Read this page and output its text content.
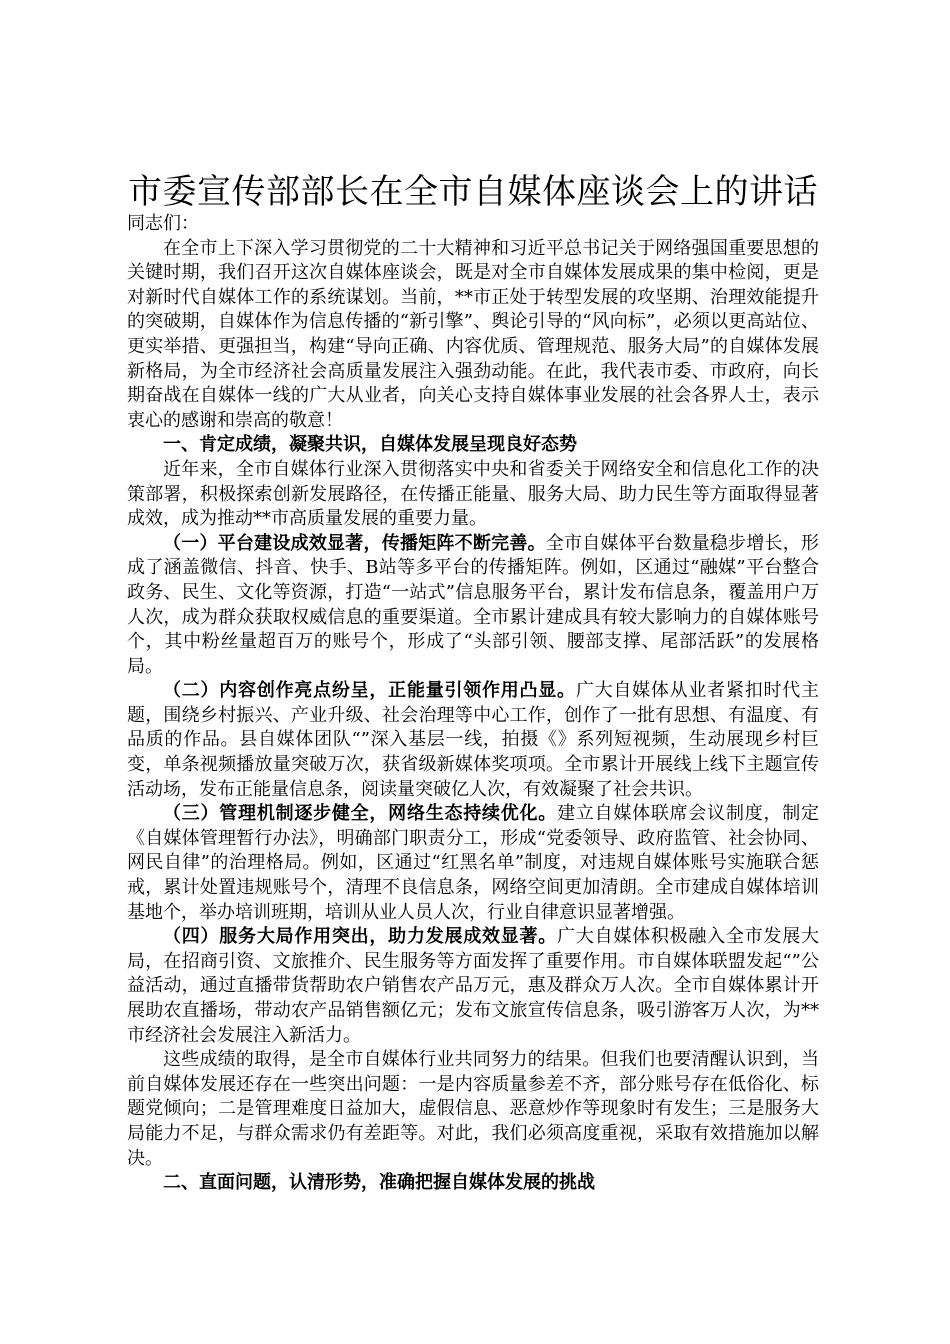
市委宣传部部长在全市自媒体座谈会上的讲话

同志们：

在全市上下深入学习贯彻党的二十大精神和习近平总书记关于网络强国重要思想的关键时期，我们召开这次自媒体座谈会，既是对全市自媒体发展成果的集中检阅，更是对新时代自媒体工作的系统谋划。当前，**市正处于转型发展的攻坚期、治理效能提升的突破期，自媒体作为信息传播的“新引擎”、舆论引导的“风向标”，必须以更高站位、更实举措、更强担当，构建“导向正确、内容优质、管理规范、服务大局”的自媒体发展新格局，为全市经济社会高质量发展注入强劲动能。在此，我代表市委、市政府，向长期奋战在自媒体一线的广大从业者，向关心支持自媒体事业发展的社会各界人士，表示衷心的感谢和崇高的敬意！

一、肯定成绩，凝聚共识，自媒体发展呈现良好态势

近年来，全市自媒体行业深入贯彻落实中央和省委关于网络安全和信息化工作的决策部署，积极探索创新发展路径，在传播正能量、服务大局、助力民生等方面取得显著成效，成为推动**市高质量发展的重要力量。

（一）平台建设成效显著，传播矩阵不断完善。全市自媒体平台数量稳步增长，形成了涵盖微信、抖音、快手、B站等多平台的传播矩阵。例如，区通过“融媒”平台整合政务、民生、文化等资源，打造“一站式”信息服务平台，累计发布信息条，覆盖用户万人次，成为群众获取权威信息的重要渠道。全市累计建成具有较大影响力的自媒体账号个，其中粉丝量超百万的账号个，形成了“头部引领、腰部支撑、尾部活跃”的发展格局。

（二）内容创作亮点纷呈，正能量引领作用凸显。广大自媒体从业者紧扣时代主题，围绕乡村振兴、产业升级、社会治理等中心工作，创作了一批有思想、有温度、有品质的作品。县自媒体团队“”深入基层一线，拍摄《》系列短视频，生动展现乡村巨变，单条视频播放量突破万次，获省级新媒体奖项项。全市累计开展线上线下主题宣传活动场，发布正能量信息条，阅读量突破亿人次，有效凝聚了社会共识。

（三）管理机制逐步健全，网络生态持续优化。建立自媒体联席会议制度，制定《自媒体管理暂行办法》，明确部门职责分工，形成“党委领导、政府监管、社会协同、网民自律”的治理格局。例如，区通过“红黑名单”制度，对违规自媒体账号实施联合惩戒，累计处置违规账号个，清理不良信息条，网络空间更加清朗。全市建成自媒体培训基地个，举办培训班期，培训从业人员人次，行业自律意识显著增强。

（四）服务大局作用突出，助力发展成效显著。广大自媒体积极融入全市发展大局，在招商引资、文旅推介、民生服务等方面发挥了重要作用。市自媒体联盟发起“”公益活动，通过直播带货帮助农户销售农产品万元，惠及群众万人次。全市自媒体累计开展助农直播场，带动农产品销售额亿元；发布文旅宣传信息条，吸引游客万人次，为**市经济社会发展注入新活力。

这些成绩的取得，是全市自媒体行业共同努力的结果。但我们也要清醒认识到，当前自媒体发展还存在一些突出问题：一是内容质量参差不齐，部分账号存在低俗化、标题党倾向；二是管理难度日益加大，虚假信息、恶意炒作等现象时有发生；三是服务大局能力不足，与群众需求仍有差距等。对此，我们必须高度重视，采取有效措施加以解决。

二、直面问题，认清形势，准确把握自媒体发展的挑战
